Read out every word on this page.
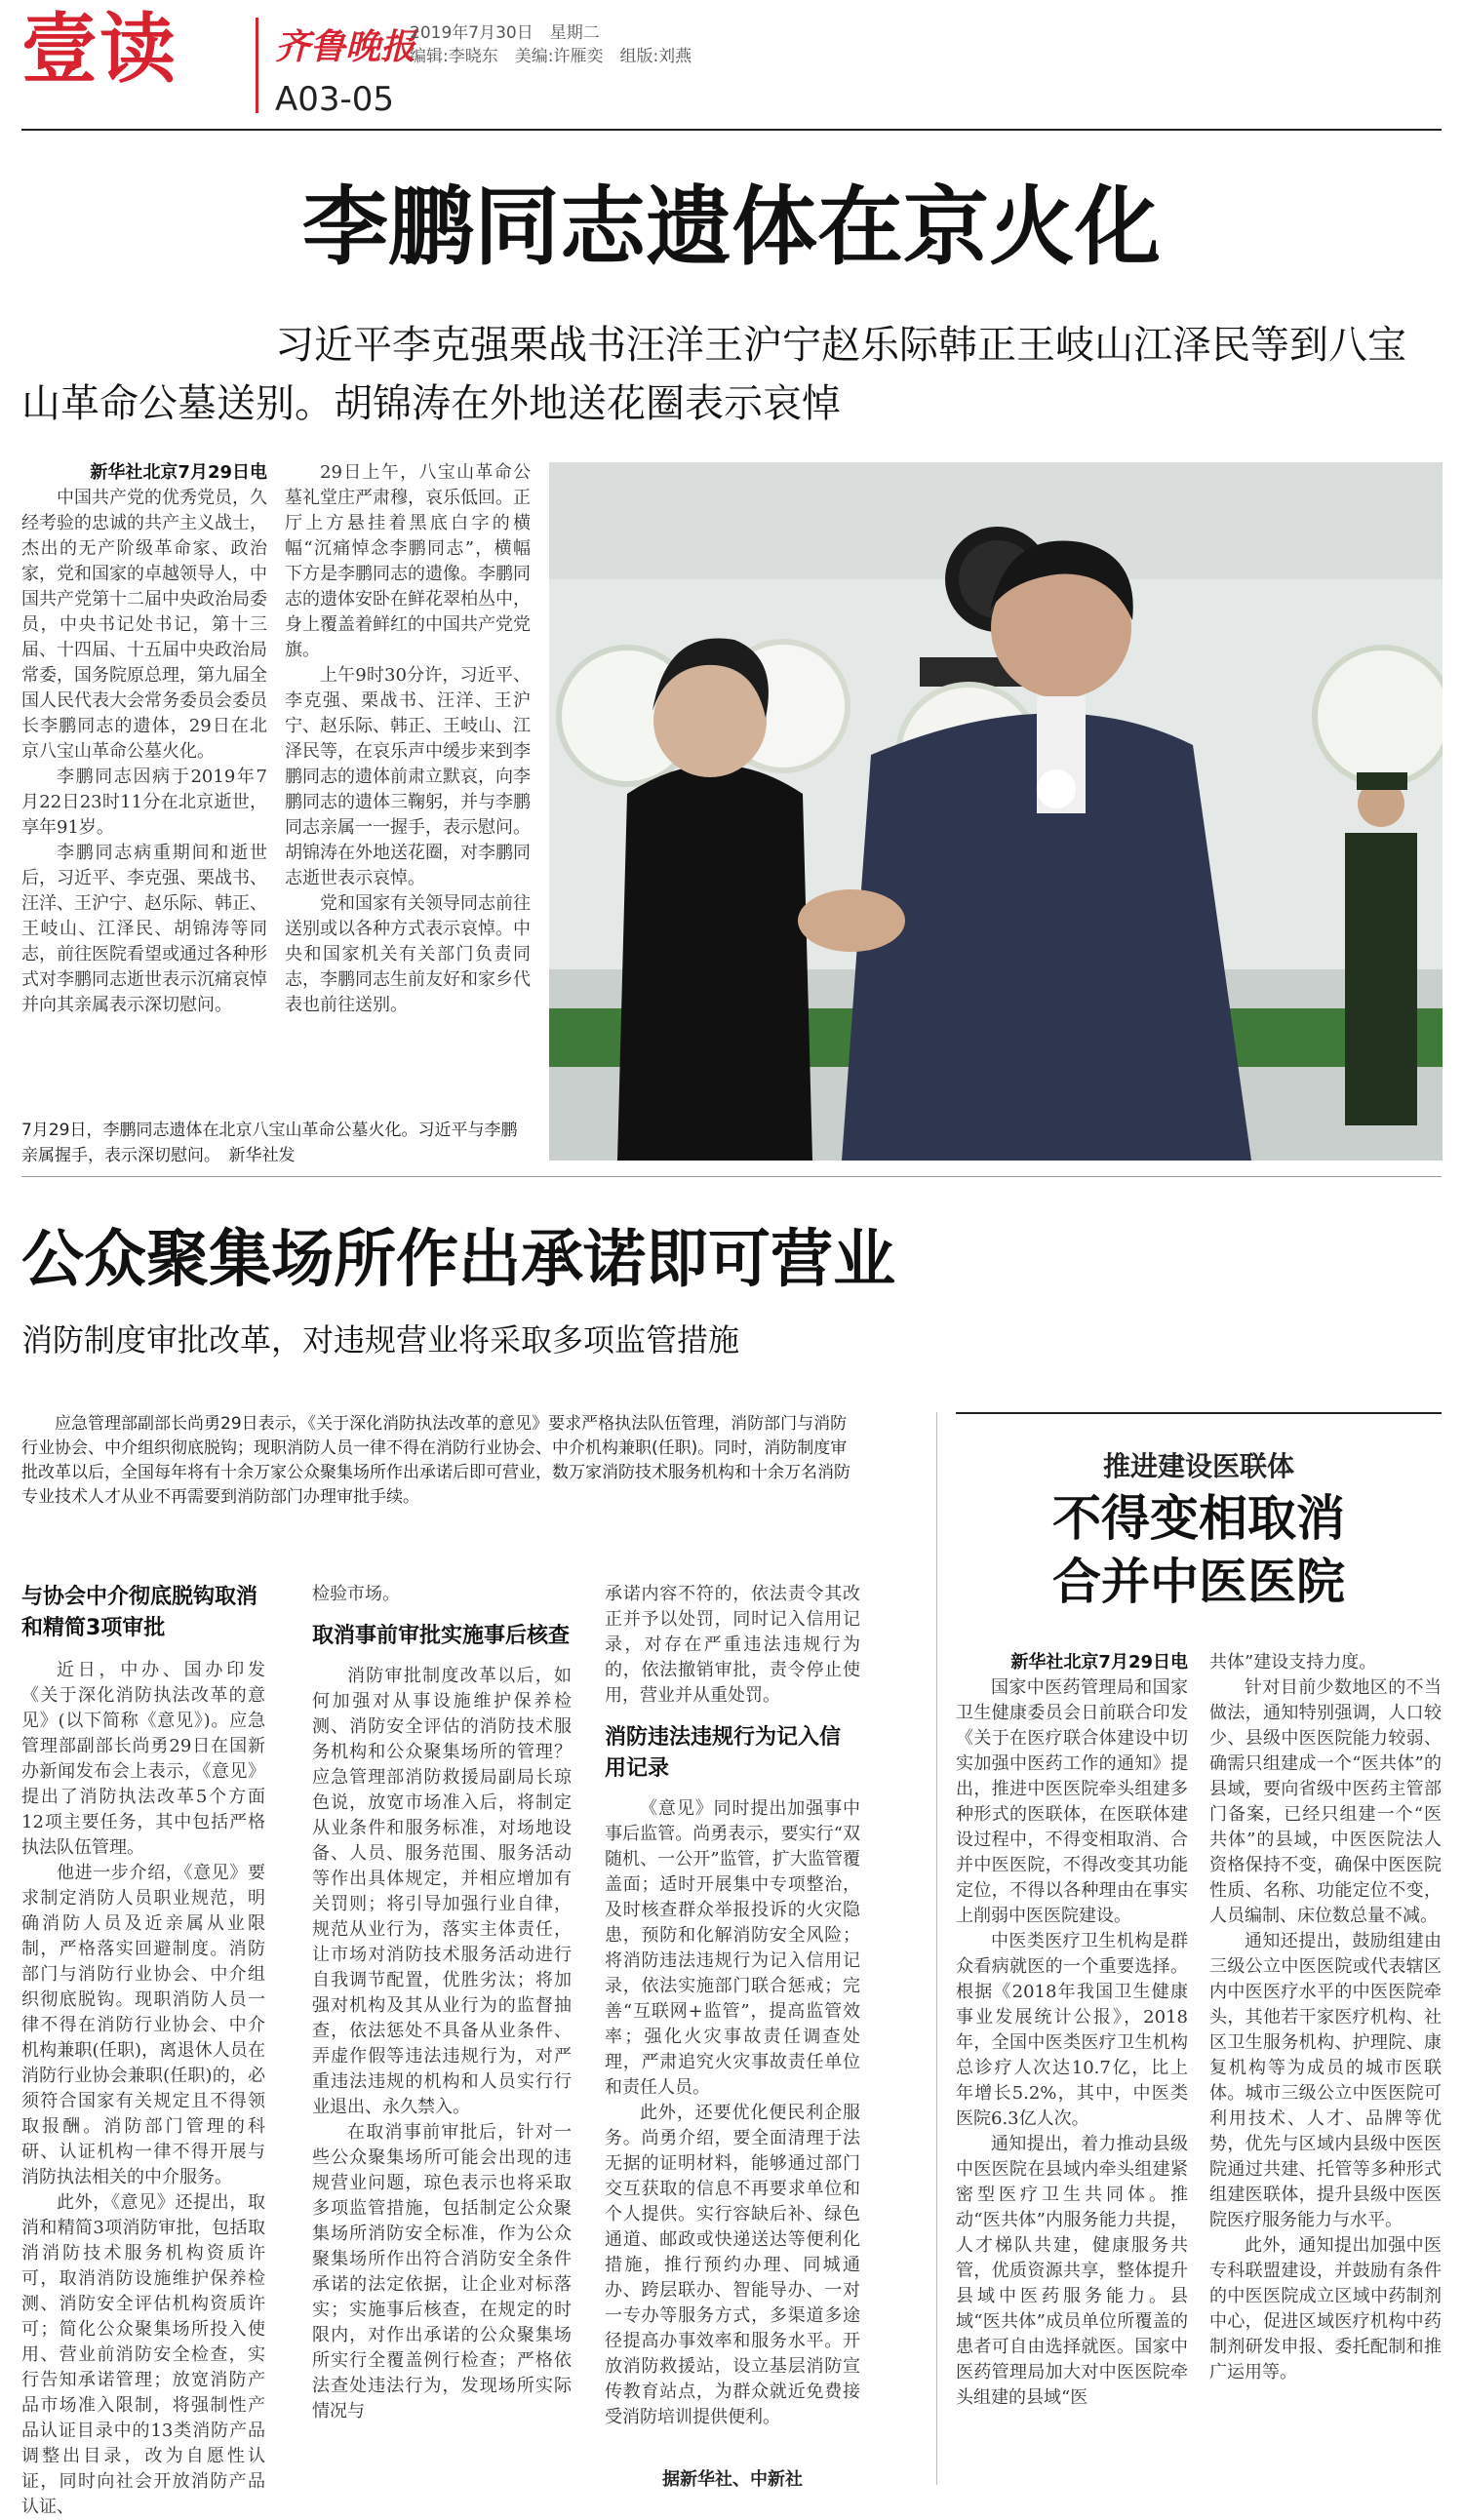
壹读	齐鲁晚报
A03-05
2019年7月30日　星期二
编辑:李晓东　美编:许雁奕　组版:刘燕
李鹏同志遗体在京火化
习近平李克强栗战书汪洋王沪宁赵乐际韩正王岐山江泽民等到八宝山革命公墓送别。胡锦涛在外地送花圈表示哀悼
新华社北京7月29日电

中国共产党的优秀党员，久经考验的忠诚的共产主义战士，杰出的无产阶级革命家、政治家，党和国家的卓越领导人，中国共产党第十二届中央政治局委员，中央书记处书记，第十三届、十四届、十五届中央政治局常委，国务院原总理，第九届全国人民代表大会常务委员会委员长李鹏同志的遗体，29日在北京八宝山革命公墓火化。

李鹏同志因病于2019年7月22日23时11分在北京逝世，享年91岁。

李鹏同志病重期间和逝世后，习近平、李克强、栗战书、汪洋、王沪宁、赵乐际、韩正、王岐山、江泽民、胡锦涛等同志，前往医院看望或通过各种形式对李鹏同志逝世表示沉痛哀悼并向其亲属表示深切慰问。

29日上午，八宝山革命公墓礼堂庄严肃穆，哀乐低回。正厅上方悬挂着黑底白字的横幅“沉痛悼念李鹏同志”，横幅下方是李鹏同志的遗像。李鹏同志的遗体安卧在鲜花翠柏丛中，身上覆盖着鲜红的中国共产党党旗。

上午9时30分许，习近平、李克强、栗战书、汪洋、王沪宁、赵乐际、韩正、王岐山、江泽民等，在哀乐声中缓步来到李鹏同志的遗体前肃立默哀，向李鹏同志的遗体三鞠躬，并与李鹏同志亲属一一握手，表示慰问。胡锦涛在外地送花圈，对李鹏同志逝世表示哀悼。

党和国家有关领导同志前往送别或以各种方式表示哀悼。中央和国家机关有关部门负责同志，李鹏同志生前友好和家乡代表也前往送别。

7月29日，李鹏同志遗体在北京八宝山革命公墓火化。习近平与李鹏亲属握手，表示深切慰问。　新华社发
公众聚集场所作出承诺即可营业
消防制度审批改革，对违规营业将采取多项监管措施
应急管理部副部长尚勇29日表示，《关于深化消防执法改革的意见》要求严格执法队伍管理，消防部门与消防行业协会、中介组织彻底脱钩；现职消防人员一律不得在消防行业协会、中介机构兼职(任职)。同时，消防制度审批改革以后，全国每年将有十余万家公众聚集场所作出承诺后即可营业，数万家消防技术服务机构和十余万名消防专业技术人才从业不再需要到消防部门办理审批手续。
与协会中介彻底脱钩取消和精简3项审批

近日，中办、国办印发《关于深化消防执法改革的意见》(以下简称《意见》)。应急管理部副部长尚勇29日在国新办新闻发布会上表示，《意见》提出了消防执法改革5个方面12项主要任务，其中包括严格执法队伍管理。

他进一步介绍，《意见》要求制定消防人员职业规范，明确消防人员及近亲属从业限制，严格落实回避制度。消防部门与消防行业协会、中介组织彻底脱钩。现职消防人员一律不得在消防行业协会、中介机构兼职(任职)，离退休人员在消防行业协会兼职(任职)的，必须符合国家有关规定且不得领取报酬。消防部门管理的科研、认证机构一律不得开展与消防执法相关的中介服务。

此外，《意见》还提出，取消和精简3项消防审批，包括取消消防技术服务机构资质许可，取消消防设施维护保养检测、消防安全评估机构资质许可；简化公众聚集场所投入使用、营业前消防安全检查，实行告知承诺管理；放宽消防产品市场准入限制，将强制性产品认证目录中的13类消防产品调整出目录，改为自愿性认证，同时向社会开放消防产品认证、

检验市场。
取消事前审批实施事后核查

消防审批制度改革以后，如何加强对从事设施维护保养检测、消防安全评估的消防技术服务机构和公众聚集场所的管理？应急管理部消防救援局副局长琼色说，放宽市场准入后，将制定从业条件和服务标准，对场地设备、人员、服务范围、服务活动等作出具体规定，并相应增加有关罚则；将引导加强行业自律，规范从业行为，落实主体责任，让市场对消防技术服务活动进行自我调节配置，优胜劣汰；将加强对机构及其从业行为的监督抽查，依法惩处不具备从业条件、弄虚作假等违法违规行为，对严重违法违规的机构和人员实行行业退出、永久禁入。

在取消事前审批后，针对一些公众聚集场所可能会出现的违规营业问题，琼色表示也将采取多项监管措施，包括制定公众聚集场所消防安全标准，作为公众聚集场所作出符合消防安全条件承诺的法定依据，让企业对标落实；实施事后核查，在规定的时限内，对作出承诺的公众聚集场所实行全覆盖例行检查；严格依法查处违法行为，发现场所实际情况与

承诺内容不符的，依法责令其改正并予以处罚，同时记入信用记录，对存在严重违法违规行为的，依法撤销审批，责令停止使用，营业并从重处罚。
消防违法违规行为记入信用记录

《意见》同时提出加强事中事后监管。尚勇表示，要实行“双随机、一公开”监管，扩大监管覆盖面；适时开展集中专项整治，及时核查群众举报投诉的火灾隐患，预防和化解消防安全风险；将消防违法违规行为记入信用记录，依法实施部门联合惩戒；完善“互联网+监管”，提高监管效率；强化火灾事故责任调查处理，严肃追究火灾事故责任单位和责任人员。

此外，还要优化便民利企服务。尚勇介绍，要全面清理于法无据的证明材料，能够通过部门交互获取的信息不再要求单位和个人提供。实行容缺后补、绿色通道、邮政或快递送达等便利化措施，推行预约办理、同城通办、跨层联办、智能导办、一对一专办等服务方式，多渠道多途径提高办事效率和服务水平。开放消防救援站，设立基层消防宣传教育站点，为群众就近免费接受消防培训提供便利。

据新华社、中新社
推进建设医联体
不得变相取消
合并中医医院
新华社北京7月29日电

国家中医药管理局和国家卫生健康委员会日前联合印发《关于在医疗联合体建设中切实加强中医药工作的通知》提出，推进中医医院牵头组建多种形式的医联体，在医联体建设过程中，不得变相取消、合并中医医院，不得改变其功能定位，不得以各种理由在事实上削弱中医医院建设。

中医类医疗卫生机构是群众看病就医的一个重要选择。根据《2018年我国卫生健康事业发展统计公报》，2018年，全国中医类医疗卫生机构总诊疗人次达10.7亿，比上年增长5.2%，其中，中医类医院6.3亿人次。

通知提出，着力推动县级中医医院在县域内牵头组建紧密型医疗卫生共同体。推动“医共体”内服务能力共提，人才梯队共建，健康服务共管，优质资源共享，整体提升县域中医药服务能力。县域“医共体”成员单位所覆盖的患者可自由选择就医。国家中医药管理局加大对中医医院牵头组建的县域“医

共体”建设支持力度。

针对目前少数地区的不当做法，通知特别强调，人口较少、县级中医医院能力较弱、确需只组建成一个“医共体”的县域，要向省级中医药主管部门备案，已经只组建一个“医共体”的县域，中医医院法人资格保持不变，确保中医医院性质、名称、功能定位不变，人员编制、床位数总量不减。

通知还提出，鼓励组建由三级公立中医医院或代表辖区内中医医疗水平的中医医院牵头，其他若干家医疗机构、社区卫生服务机构、护理院、康复机构等为成员的城市医联体。城市三级公立中医医院可利用技术、人才、品牌等优势，优先与区域内县级中医医院通过共建、托管等多种形式组建医联体，提升县级中医医院医疗服务能力与水平。

此外，通知提出加强中医专科联盟建设，并鼓励有条件的中医医院成立区域中药制剂中心，促进区域医疗机构中药制剂研发申报、委托配制和推广运用等。
